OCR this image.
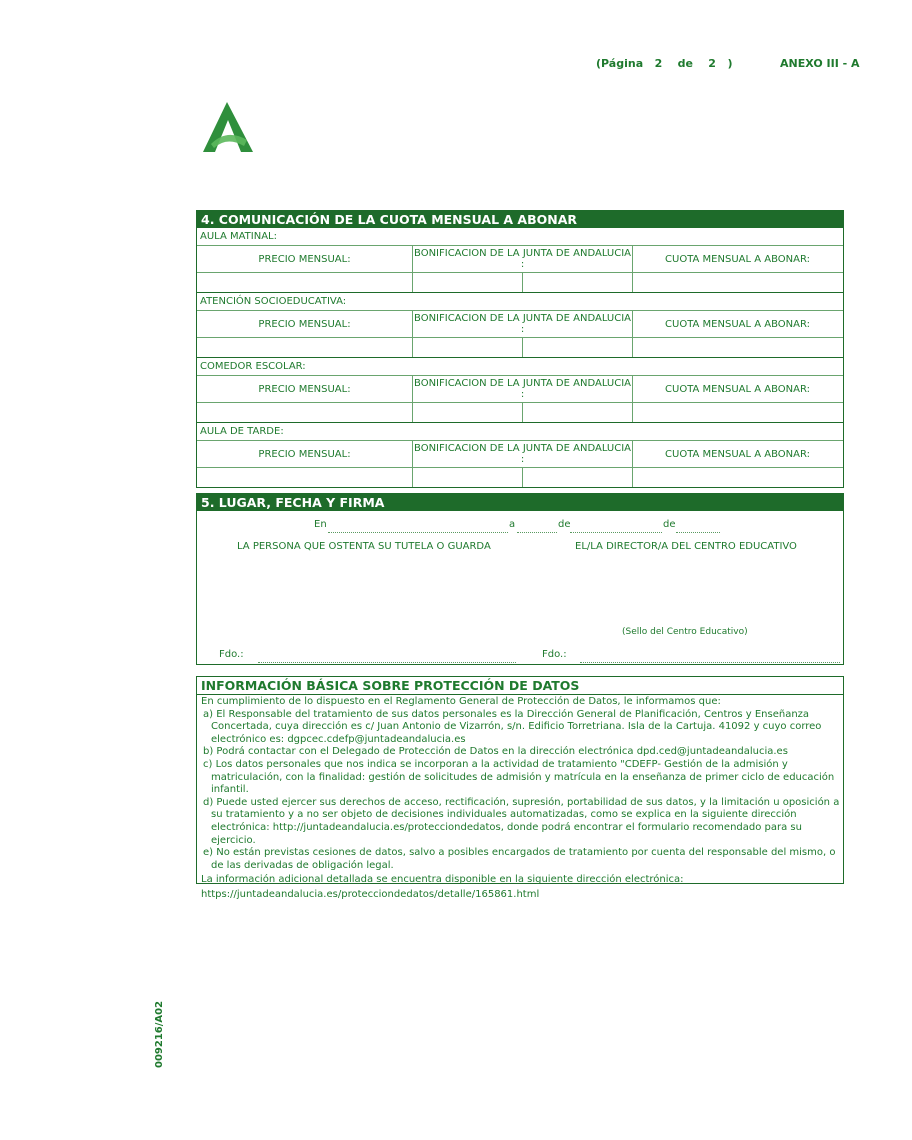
(Página 2 de 2 )	ANEXO III - A
4. COMUNICACIÓN DE LA CUOTA MENSUAL A ABONAR
AULA MATINAL:
PRECIO MENSUAL:	BONIFICACION DE LA JUNTA DE ANDALUCIA :	CUOTA MENSUAL A ABONAR:
ATENCIÓN SOCIOEDUCATIVA:
PRECIO MENSUAL:	BONIFICACION DE LA JUNTA DE ANDALUCIA :	CUOTA MENSUAL A ABONAR:
COMEDOR ESCOLAR:
PRECIO MENSUAL:	BONIFICACION DE LA JUNTA DE ANDALUCIA :	CUOTA MENSUAL A ABONAR:
AULA DE TARDE:
PRECIO MENSUAL:	BONIFICACION DE LA JUNTA DE ANDALUCIA :	CUOTA MENSUAL A ABONAR:
5. LUGAR, FECHA Y FIRMA
En	a	de	de
LA PERSONA QUE OSTENTA SU TUTELA O GUARDA	EL/LA DIRECTOR/A DEL CENTRO EDUCATIVO
(Sello del Centro Educativo)
Fdo.:	Fdo.:
INFORMACIÓN BÁSICA SOBRE PROTECCIÓN DE DATOS

En cumplimiento de lo dispuesto en el Reglamento General de Protección de Datos, le informamos que:

a) El Responsable del tratamiento de sus datos personales es la Dirección General de Planificación, Centros y Enseñanza Concertada, cuya dirección es c/ Juan Antonio de Vizarrón, s/n. Edificio Torretriana. Isla de la Cartuja. 41092 y cuyo correo electrónico es: dgpcec.cdefp@juntadeandalucia.es

b) Podrá contactar con el Delegado de Protección de Datos en la dirección electrónica dpd.ced@juntadeandalucia.es

c) Los datos personales que nos indica se incorporan a la actividad de tratamiento "CDEFP- Gestión de la admisión y matriculación, con la finalidad: gestión de solicitudes de admisión y matrícula en la enseñanza de primer ciclo de educación infantil.

d) Puede usted ejercer sus derechos de acceso, rectificación, supresión, portabilidad de sus datos, y la limitación u oposición a su tratamiento y a no ser objeto de decisiones individuales automatizadas, como se explica en la siguiente dirección electrónica: http://juntadeandalucia.es/protecciondedatos, donde podrá encontrar el formulario recomendado para su ejercicio.

e) No están previstas cesiones de datos, salvo a posibles encargados de tratamiento por cuenta del responsable del mismo, o de las derivadas de obligación legal.

La información adicional detallada se encuentra disponible en la siguiente dirección electrónica:

https://juntadeandalucia.es/protecciondedatos/detalle/165861.html

009216/A02
